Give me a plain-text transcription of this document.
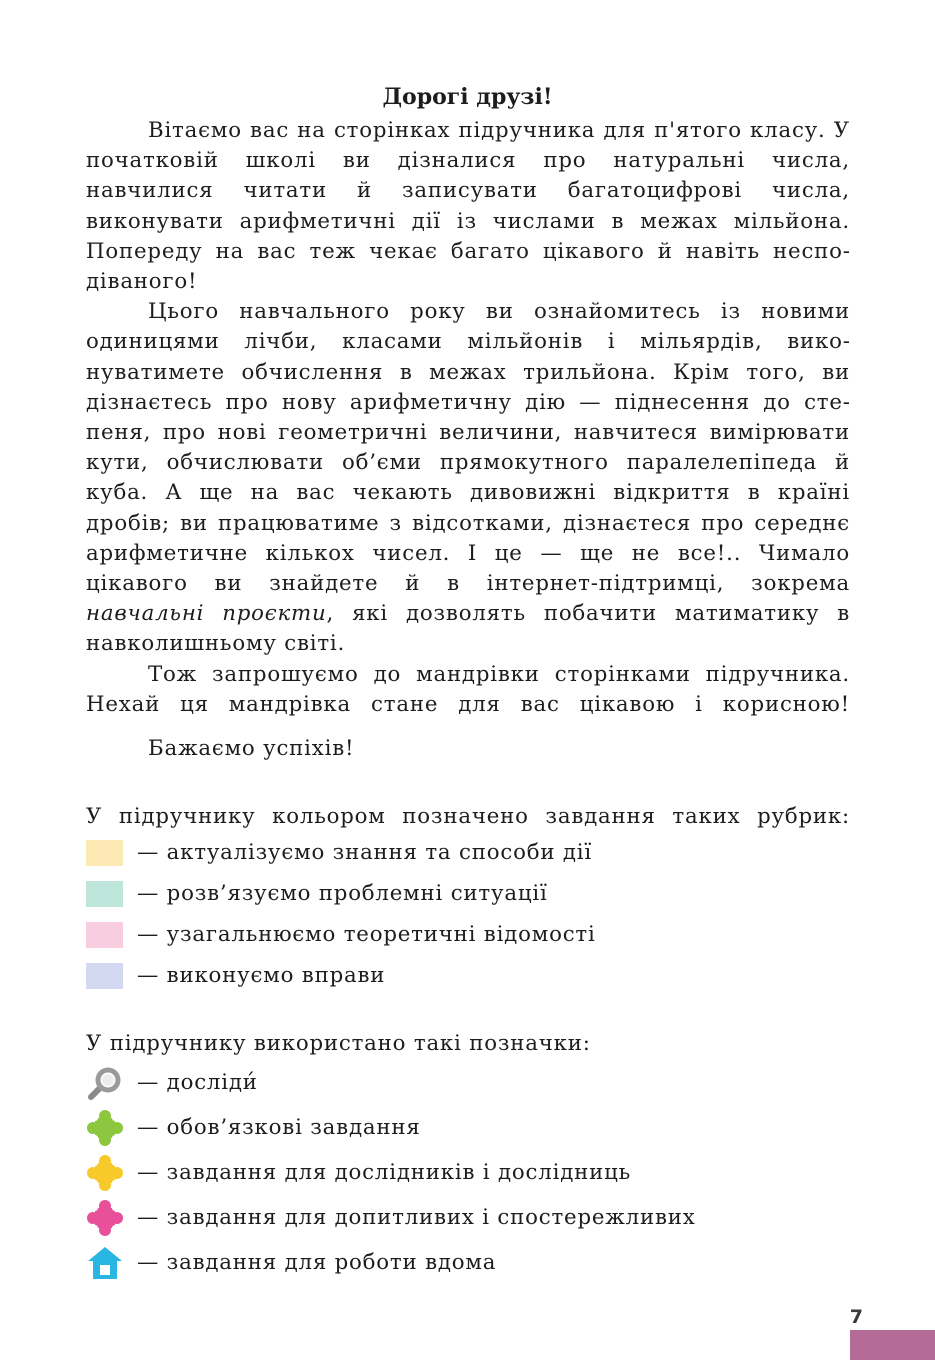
Дорогі друзі!

Вітаємо вас на сторінках підручника для п'ятого класу. У початковій школі ви дізналися про натуральні числа, навчилися читати й записувати багатоцифрові числа, виконувати арифметичні дії із числами в межах мільйона. Попереду на вас теж чекає багато цікавого й навіть несподіваного!

Цього навчального року ви ознайомитесь із новими одиницями лічби, класами мільйонів і мільярдів, виконуватимете обчислення в межах трильйона. Крім того, ви дізнаєтесь про нову арифметичну дію — піднесення до степеня, про нові геометричні величини, навчитеся вимірювати кути, обчислювати об’єми прямокутного паралелепіпеда й куба. А ще на вас чекають дивовижні відкриття в країні дробів; ви працюватиме з відсотками, дізнаєтеся про середнє арифметичне кількох чисел. І це — ще не все!.. Чимало цікавого ви знайдете й в інтернет-підтримці, зокрема навчальні проєкти, які дозволять побачити матиматику в навколишньому світі.

Тож запрошуємо до мандрівки сторінками підручника. Нехай ця мандрівка стане для вас цікавою і корисною!

Бажаємо успіхів!

У підручнику кольором позначено завдання таких рубрик:
— актуалізуємо знання та способи дії
— розв’язуємо проблемні ситуації
— узагальнюємо теоретичні відомості
— виконуємо вправи
У підручнику використано такі позначки:
— досліди́
— обов’язкові завдання
— завдання для дослідників і дослідниць
— завдання для допитливих і спостережливих
— завдання для роботи вдома
7
